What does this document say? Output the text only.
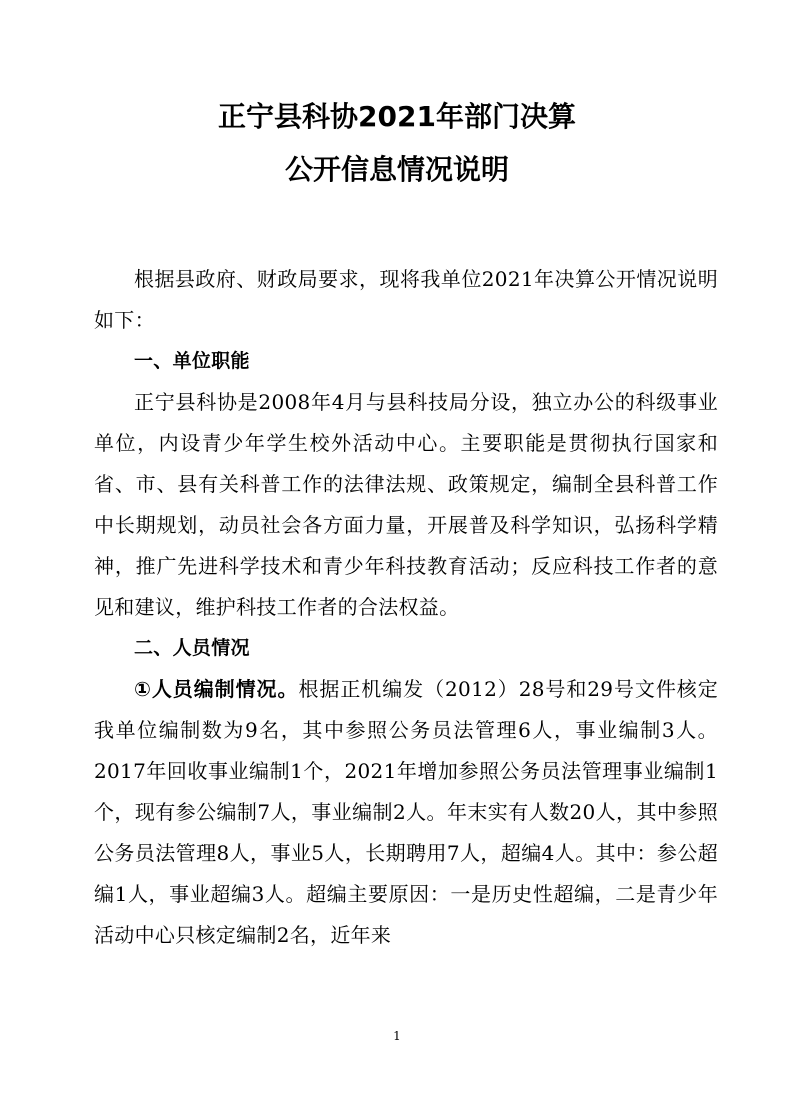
正宁县科协2021年部门决算
公开信息情况说明

根据县政府、财政局要求，现将我单位2021年决算公开情况说明如下：

一、单位职能

正宁县科协是2008年4月与县科技局分设，独立办公的科级事业单位，内设青少年学生校外活动中心。主要职能是贯彻执行国家和省、市、县有关科普工作的法律法规、政策规定，编制全县科普工作中长期规划，动员社会各方面力量，开展普及科学知识，弘扬科学精神，推广先进科学技术和青少年科技教育活动；反应科技工作者的意见和建议，维护科技工作者的合法权益。

二、人员情况

①人员编制情况。根据正机编发（2012）28号和29号文件核定我单位编制数为9名，其中参照公务员法管理6人，事业编制3人。2017年回收事业编制1个，2021年增加参照公务员法管理事业编制1个，现有参公编制7人，事业编制2人。年末实有人数20人，其中参照公务员法管理8人，事业5人，长期聘用7人，超编4人。其中：参公超编1人，事业超编3人。超编主要原因：一是历史性超编，二是青少年活动中心只核定编制2名，近年来

1
